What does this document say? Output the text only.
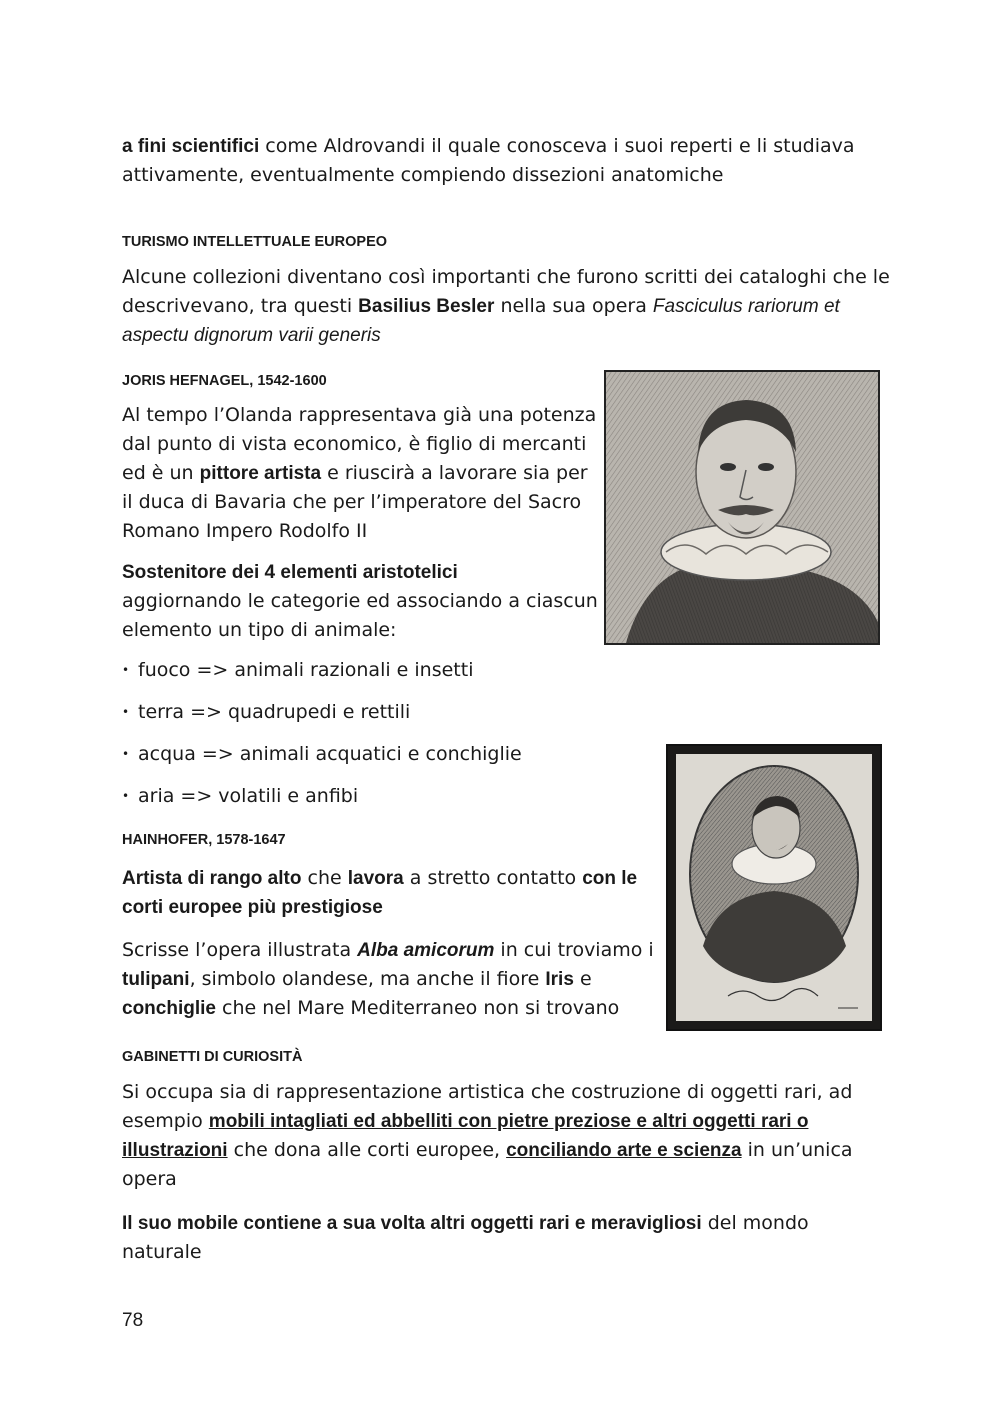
a fini scientifici come Aldrovandi il quale conosceva i suoi reperti e li studiava
attivamente, eventualmente compiendo dissezioni anatomiche
TURISMO INTELLETTUALE EUROPEO
Alcune collezioni diventano così importanti che furono scritti dei cataloghi che le
descrivevano, tra questi Basilius Besler nella sua opera Fasciculus rariorum et
aspectu dignorum varii generis
JORIS HEFNAGEL, 1542-1600
Al tempo l’Olanda rappresentava già una potenza
dal punto di vista economico, è figlio di mercanti
ed è un pittore artista e riuscirà a lavorare sia per
il duca di Bavaria che per l’imperatore del Sacro
Romano Impero Rodolfo II
Sostenitore dei 4 elementi aristotelici
aggiornando le categorie ed associando a ciascun
elemento un tipo di animale:
• fuoco => animali razionali e insetti
• terra => quadrupedi e rettili
• acqua => animali acquatici e conchiglie
• aria => volatili e anfibi
HAINHOFER, 1578-1647
Artista di rango alto che lavora a stretto contatto con le
corti europee più prestigiose
Scrisse l’opera illustrata Alba amicorum in cui troviamo i
tulipani, simbolo olandese, ma anche il fiore Iris e
conchiglie che nel Mare Mediterraneo non si trovano
GABINETTI DI CURIOSITÀ
Si occupa sia di rappresentazione artistica che costruzione di oggetti rari, ad
esempio mobili intagliati ed abbelliti con pietre preziose e altri oggetti rari o
illustrazioni che dona alle corti europee, conciliando arte e scienza in un’unica
opera
Il suo mobile contiene a sua volta altri oggetti rari e meravigliosi del mondo
naturale

78
